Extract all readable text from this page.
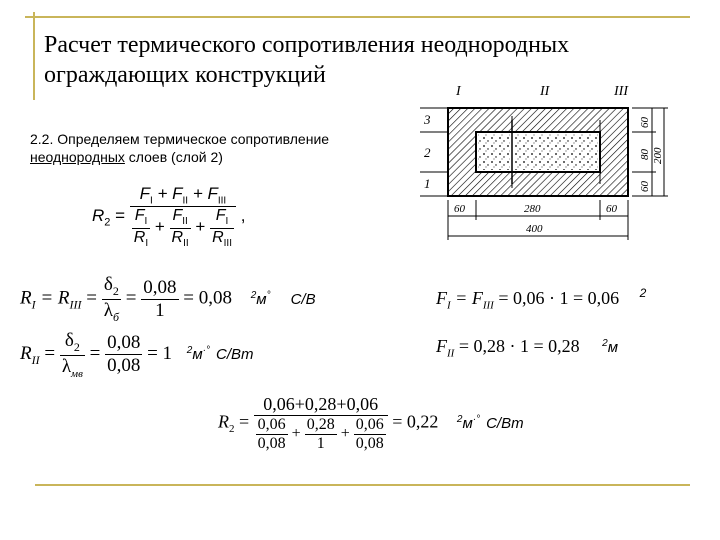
Расчет термического сопротивления неоднородных
ограждающих конструкций
2.2. Определяем термическое сопротивление
неоднородных слоев (слой 2)
$R_2$ =
$F_I + F_{II} + F_{III}$
$\frac{F_I}{R_I} + \frac{F_{II}}{R_{II}} + \frac{F_I}{R_{III}}$ ,
$R_I = R_{III} = \frac{\delta_2}{\lambda_б} = \frac{0,08}{1} = 0,08$ $^2$м° C/В
$R_{II} = \frac{\delta_2}{\lambda_{мв}} = \frac{0,08}{0,08} = 1$ $^2$м·° C/Вт
$F_I = F_{III} = 0,06 \cdot 1 = 0,06$ $^2$
$F_{II} = 0,28 \cdot 1 = 0,28$ $^2$м
$R_2 = \frac{0,06+0,28+0,06}{\frac{0,06}{0,08} + \frac{0,28}{1} + \frac{0,06}{0,08}} = 0,22$ $^2$м·° C/Вт
I	II	III
3
2
1
60
80
60
200
60	280	60
400
